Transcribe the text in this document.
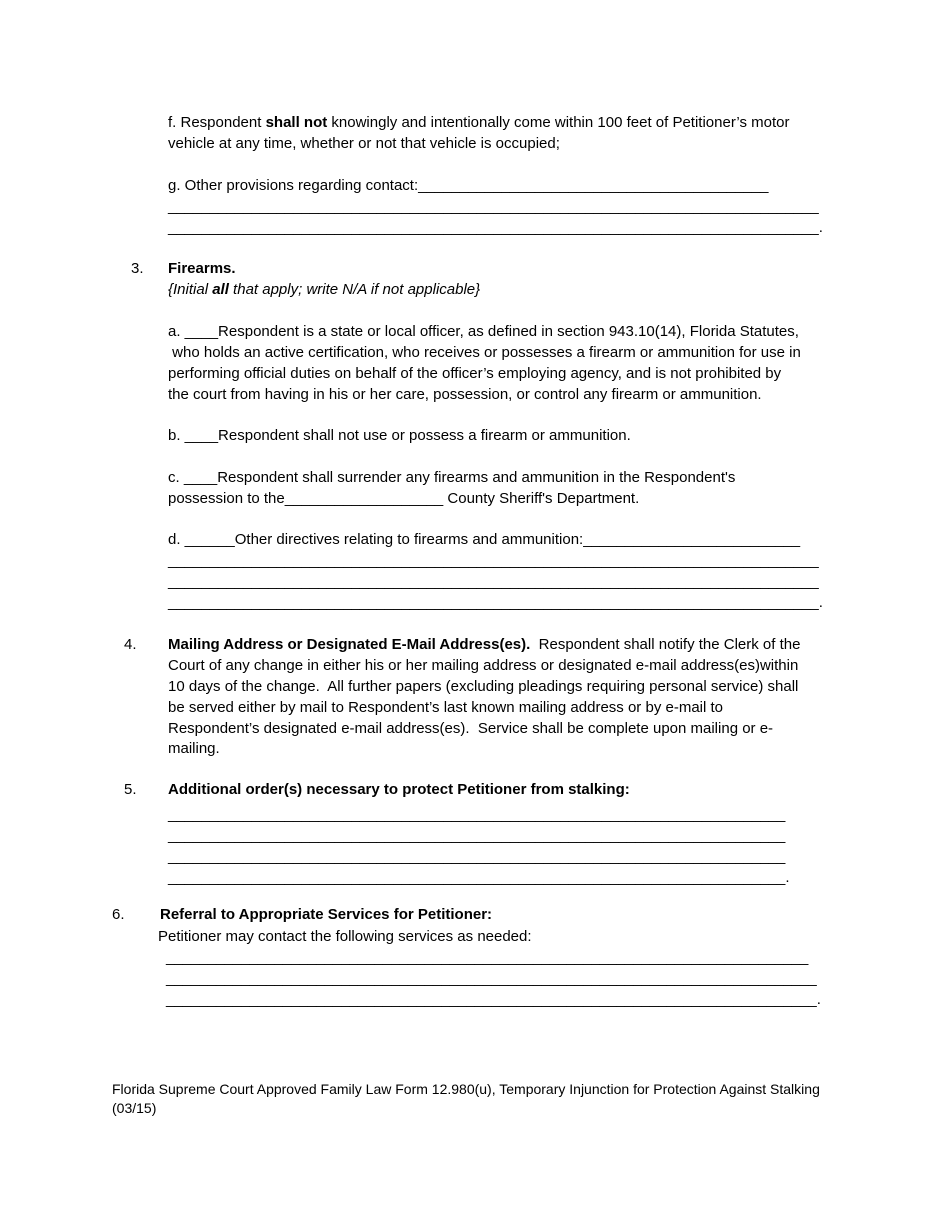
f. Respondent shall not knowingly and intentionally come within 100 feet of Petitioner’s motor
vehicle at any time, whether or not that vehicle is occupied;
g. Other provisions regarding contact:__________________________________________
______________________________________________________________________________
______________________________________________________________________________.
3. Firearms.
{Initial all that apply; write N/A if not applicable}
a. ____Respondent is a state or local officer, as defined in section 943.10(14), Florida Statutes,
who holds an active certification, who receives or possesses a firearm or ammunition for use in
performing official duties on behalf of the officer’s employing agency, and is not prohibited by
the court from having in his or her care, possession, or control any firearm or ammunition.
b. ____Respondent shall not use or possess a firearm or ammunition.
c. ____Respondent shall surrender any firearms and ammunition in the Respondent's
possession to the___________________ County Sheriff's Department.
d. ______Other directives relating to firearms and ammunition:__________________________
______________________________________________________________________________
______________________________________________________________________________
______________________________________________________________________________.
4. Mailing Address or Designated E-Mail Address(es).  Respondent shall notify the Clerk of the
Court of any change in either his or her mailing address or designated e-mail address(es)within
10 days of the change.  All further papers (excluding pleadings requiring personal service) shall
be served either by mail to Respondent’s last known mailing address or by e-mail to
Respondent’s designated e-mail address(es).  Service shall be complete upon mailing or e-
mailing.
5. Additional order(s) necessary to protect Petitioner from stalking:
__________________________________________________________________________
__________________________________________________________________________
__________________________________________________________________________
__________________________________________________________________________.
6. Referral to Appropriate Services for Petitioner:
Petitioner may contact the following services as needed:
_____________________________________________________________________________
______________________________________________________________________________
______________________________________________________________________________.
Florida Supreme Court Approved Family Law Form 12.980(u), Temporary Injunction for Protection Against Stalking
(03/15)
